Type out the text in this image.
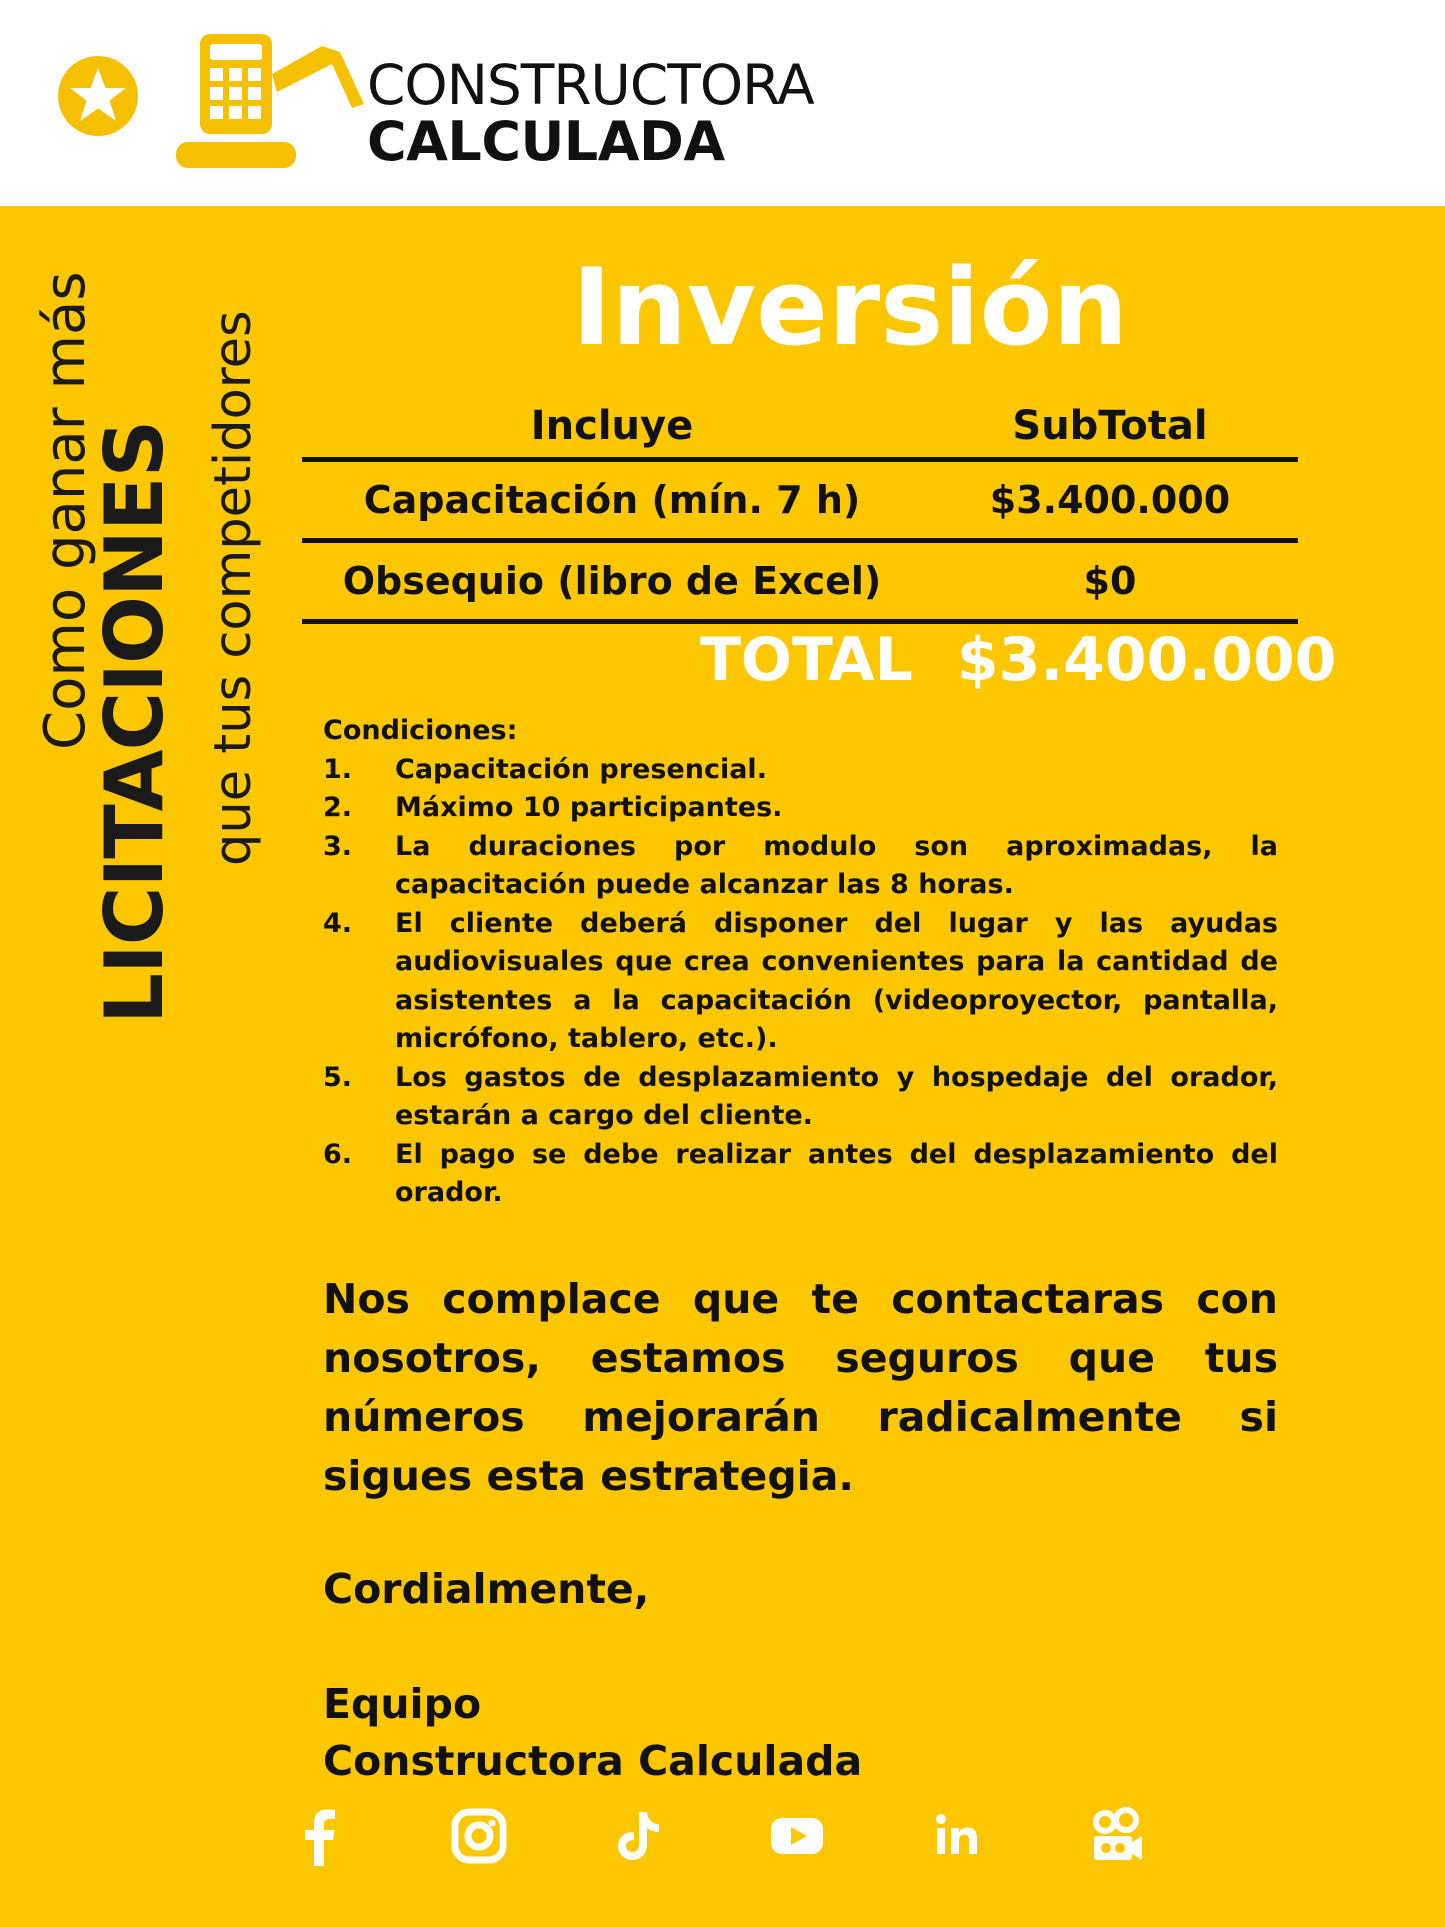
CONSTRUCTORA
CALCULADA
Como ganar más
LICITACIONES que tus competidores
Inversión
Incluye	SubTotal
Capacitación (mín. 7 h)	$3.400.000
Obsequio (libro de Excel)	$0
TOTAL $3.400.000
Condiciones:
1. Capacitación presencial.
2. Máximo 10 participantes.
3. La duraciones por modulo son aproximadas, la capacitación puede alcanzar las 8 horas.
4. El cliente deberá disponer del lugar y las ayudas audiovisuales que crea convenientes para la cantidad de asistentes a la capacitación (videoproyector, pantalla, micrófono, tablero, etc.).
5. Los gastos de desplazamiento y hospedaje del orador, estarán a cargo del cliente.
6. El pago se debe realizar antes del desplazamiento del orador.
Nos complace que te contactaras con nosotros, estamos seguros que tus números mejorarán radicalmente si sigues esta estrategia.
Cordialmente,
Equipo
Constructora Calculada
